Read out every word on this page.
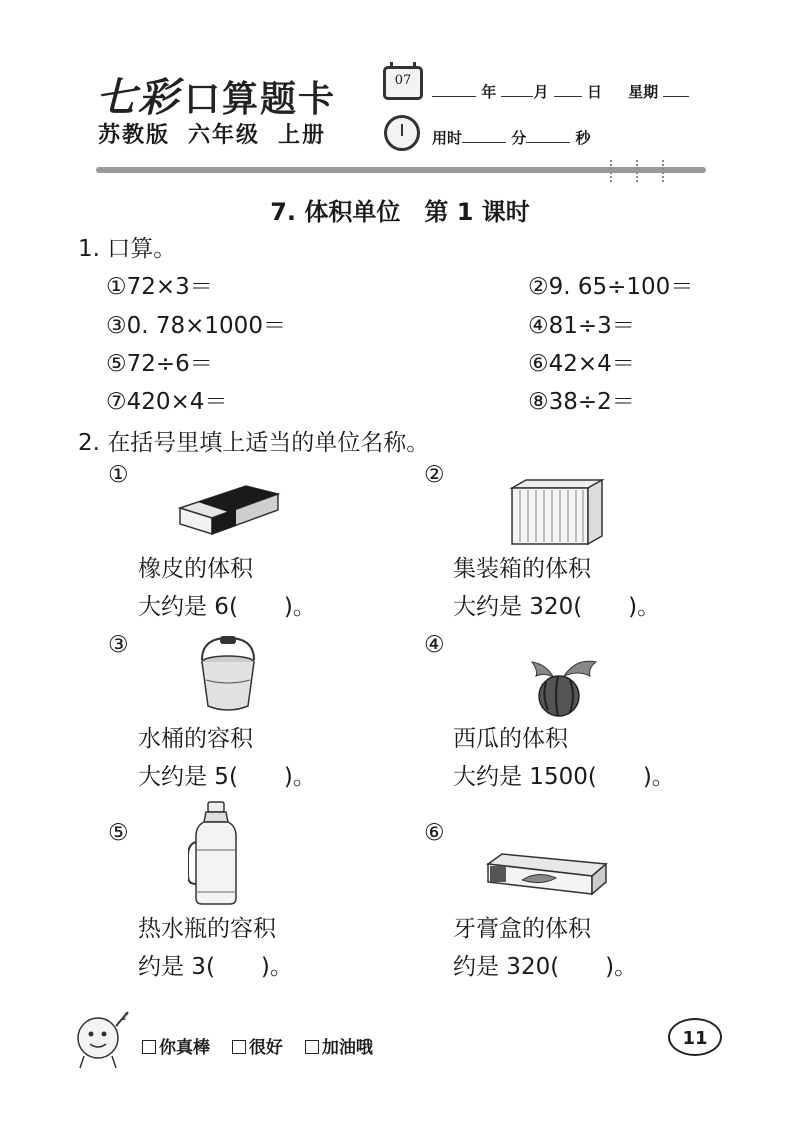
七彩 口算题卡
苏教版 六年级 上册
07
年 月	日 星期
用时	分	秒
7. 体积单位　第 1 课时
1. 口算。
①72×3＝	②9. 65÷100＝
③0. 78×1000＝	④81÷3＝
⑤72÷6＝	⑥42×4＝
⑦420×4＝	⑧38÷2＝
2. 在括号里填上适当的单位名称。
①
橡皮的体积
大约是 6(　　)。
②
集装箱的体积
大约是 320(　　)。
③
水桶的容积
大约是 5(　　)。
④
西瓜的体积
大约是 1500(　　)。
⑤
热水瓶的容积
约是 3(　　)。
⑥
牙膏盒的体积
约是 320(　　)。
♪
你真棒 很好 加油哦	11
